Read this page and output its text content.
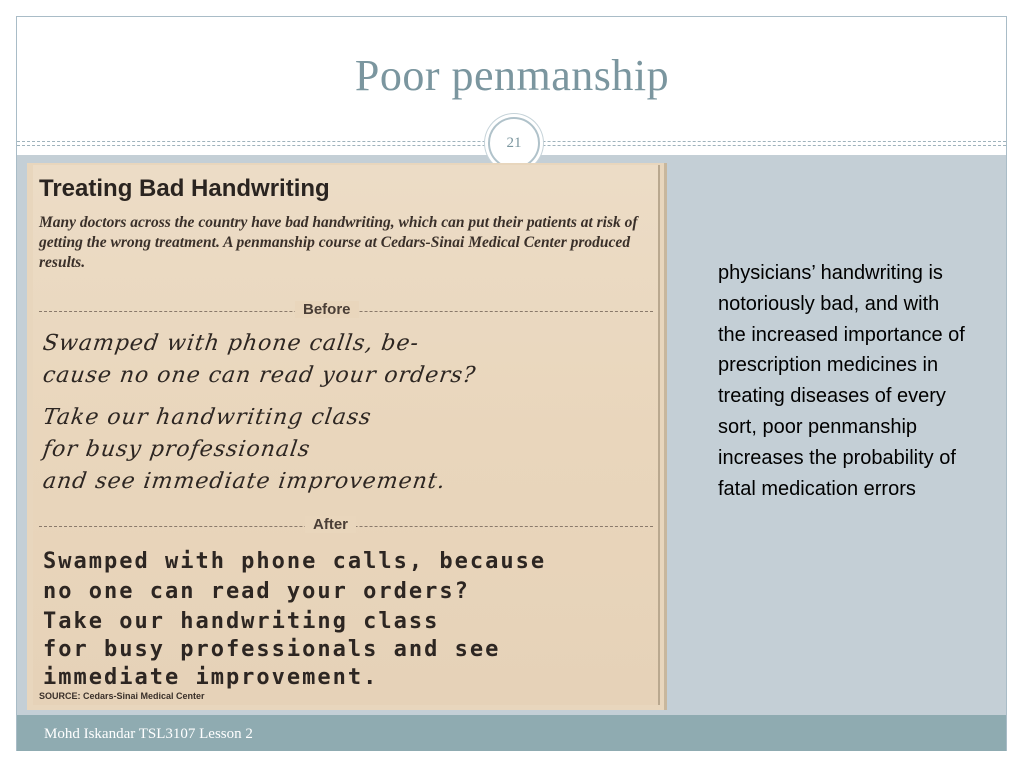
Poor penmanship
21
Treating Bad Handwriting
Many doctors across the country have bad handwriting, which can put their patients at risk of getting the wrong treatment. A penmanship course at Cedars-Sinai Medical Center produced results.
Before
Swamped with phone calls, be-
cause no one can read your orders?
Take our handwriting class
for busy professionals
and see immediate improvement.
After
Swamped with phone calls, because
no one can read your orders?
Take our handwriting class
for busy professionals and see
immediate improvement.
SOURCE: Cedars-Sinai Medical Center
physicians’ handwriting is notoriously bad, and with the increased importance of prescription medicines in treating diseases of every sort, poor penmanship increases the probability of fatal medication errors
Mohd Iskandar TSL3107 Lesson 2
